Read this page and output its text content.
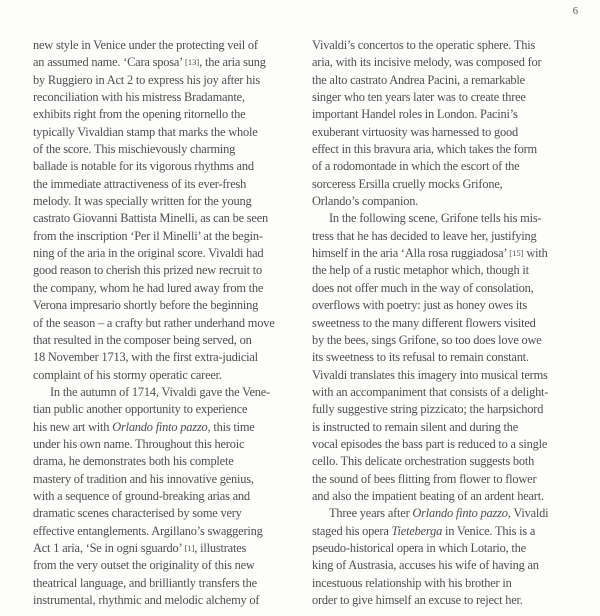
6
new style in Venice under the protecting veil of
an assumed name. ‘Cara sposa’ [13], the aria sung
by Ruggiero in Act 2 to express his joy after his
reconciliation with his mistress Bradamante,
exhibits right from the opening ritornello the
typically Vivaldian stamp that marks the whole
of the score. This mischievously charming
ballade is notable for its vigorous rhythms and
the immediate attractiveness of its ever-fresh
melody. It was specially written for the young
castrato Giovanni Battista Minelli, as can be seen
from the inscription ‘Per il Minelli’ at the begin-
ning of the aria in the original score. Vivaldi had
good reason to cherish this prized new recruit to
the company, whom he had lured away from the
Verona impresario shortly before the beginning
of the season – a crafty but rather underhand move
that resulted in the composer being served, on
18 November 1713, with the first extra-judicial
complaint of his stormy operatic career.
In the autumn of 1714, Vivaldi gave the Vene-
tian public another opportunity to experience
his new art with Orlando finto pazzo, this time
under his own name. Throughout this heroic
drama, he demonstrates both his complete
mastery of tradition and his innovative genius,
with a sequence of ground-breaking arias and
dramatic scenes characterised by some very
effective entanglements. Argillano’s swaggering
Act 1 aria, ‘Se in ogni sguardo’ [1], illustrates
from the very outset the originality of this new
theatrical language, and brilliantly transfers the
instrumental, rhythmic and melodic alchemy of
Vivaldi’s concertos to the operatic sphere. This
aria, with its incisive melody, was composed for
the alto castrato Andrea Pacini, a remarkable
singer who ten years later was to create three
important Handel roles in London. Pacini’s
exuberant virtuosity was harnessed to good
effect in this bravura aria, which takes the form
of a rodomontade in which the escort of the
sorceress Ersilla cruelly mocks Grifone,
Orlando’s companion.
In the following scene, Grifone tells his mis-
tress that he has decided to leave her, justifying
himself in the aria ‘Alla rosa ruggiadosa’ [15] with
the help of a rustic metaphor which, though it
does not offer much in the way of consolation,
overflows with poetry: just as honey owes its
sweetness to the many different flowers visited
by the bees, sings Grifone, so too does love owe
its sweetness to its refusal to remain constant.
Vivaldi translates this imagery into musical terms
with an accompaniment that consists of a delight-
fully suggestive string pizzicato; the harpsichord
is instructed to remain silent and during the
vocal episodes the bass part is reduced to a single
cello. This delicate orchestration suggests both
the sound of bees flitting from flower to flower
and also the impatient beating of an ardent heart.
Three years after Orlando finto pazzo, Vivaldi
staged his opera Tieteberga in Venice. This is a
pseudo-historical opera in which Lotario, the
king of Austrasia, accuses his wife of having an
incestuous relationship with his brother in
order to give himself an excuse to reject her.
